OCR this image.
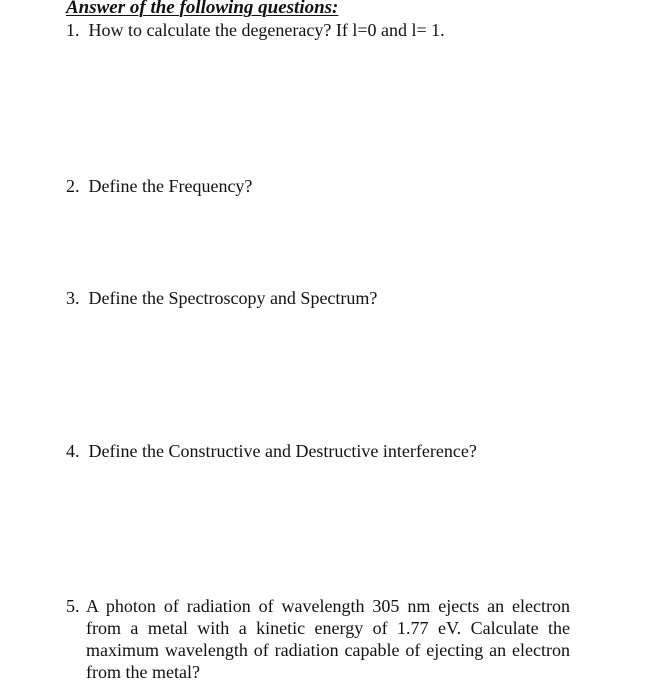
Answer of the following questions:
1.  How to calculate the degeneracy? If l=0 and l= 1.
2.  Define the Frequency?
3.  Define the Spectroscopy and Spectrum?
4.  Define the Constructive and Destructive interference?
5. A photon of radiation of wavelength 305 nm ejects an electron from a metal with a kinetic energy of 1.77 eV. Calculate the maximum wavelength of radiation capable of ejecting an electron from the metal?
